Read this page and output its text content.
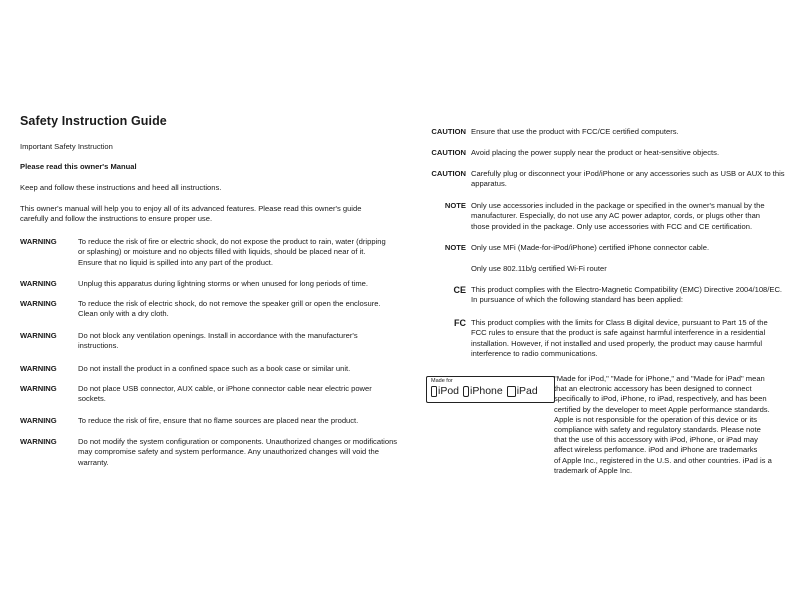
Safety Instruction Guide
Important Safety Instruction
Please read this owner's Manual
Keep and follow these instructions and heed all instructions.
This owner's manual will help you to enjoy all of its advanced features. Please read this owner's guide
carefully and follow the instructions to ensure proper use.
WARNING	To reduce the risk of fire or electric shock, do not expose the product to rain, water (dripping
or splashing) or moisture and no objects filled with liquids, should be placed near of it.
Ensure that no liquid is spilled into any part of the product.
WARNING	Unplug this apparatus during lightning storms or when unused for long periods of time.
WARNING	To reduce the risk of electric shock, do not remove the speaker grill or open the enclosure.
Clean only with a dry cloth.
WARNING	Do not block any ventilation openings. Install in accordance with the manufacturer's
instructions.
WARNING	Do not install the product in a confined space such as a book case or similar unit.
WARNING	Do not place USB connector, AUX cable, or iPhone connector cable near electric power
sockets.
WARNING	To reduce the risk of fire, ensure that no flame sources are placed near the product.
WARNING	Do not modify the system configuration or components. Unauthorized changes or modifications
may compromise safety and system performance. Any unauthorized changes will void the
warranty.
CAUTION Ensure that use the product with FCC/CE certified computers.
CAUTION Avoid placing the power supply near the product or heat-sensitive objects.
CAUTION Carefully plug or disconnect your iPod/iPhone or any accessories such as USB or AUX to this
apparatus.
NOTE Only use accessories included in the package or specified in the owner's manual by the
manufacturer. Especially, do not use any AC power adaptor, cords, or plugs other than
those provided in the package. Only use accessories with FCC and CE certification.
NOTE Only use MFi (Made-for-iPod/iPhone) certified iPhone connector cable.
Only use 802.11b/g certified Wi-Fi router
CE This product complies with the Electro-Magnetic Compatibility (EMC) Directive 2004/108/EC.
In pursuance of which the following standard has been applied:
FC This product complies with the limits for Class B digital device, pursuant to Part 15 of the
FCC rules to ensure that the product is safe against harmful interference in a residential
installation. However, if not installed and used properly, the product may cause harmful
interference to radio communications.
Made for
iPod iPhone iPad
"Made for iPod," "Made for iPhone," and "Made for iPad" mean
that an electronic accessory has been designed to connect
specifically to iPod, iPhone, ro iPad, respectively, and has been
certified by the developer to meet Apple performance standards.
Apple is not responsible for the operation of this device or its
compliance with safety and regulatory standards. Please note
that the use of this accessory with iPod, iPhone, or iPad may
affect wireless perfomance. iPod and iPhone are trademarks
of Apple Inc., registered in the U.S. and other countries. iPad is a
trademark of Apple Inc.
